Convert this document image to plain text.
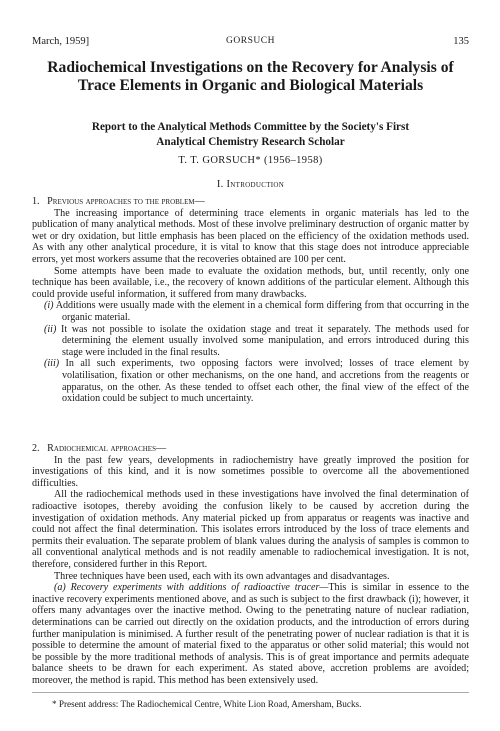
March, 1959]	GORSUCH	135
Radiochemical Investigations on the Recovery for Analysis of Trace Elements in Organic and Biological Materials
Report to the Analytical Methods Committee by the Society's First
Analytical Chemistry Research Scholar
T. T. GORSUCH* (1956–1958)
I. Introduction
1. Previous approaches to the problem—

The increasing importance of determining trace elements in organic materials has led to the publication of many analytical methods. Most of these involve preliminary destruction of organic matter by wet or dry oxidation, but little emphasis has been placed on the efficiency of the oxidation methods used. As with any other analytical procedure, it is vital to know that this stage does not introduce appreciable errors, yet most workers assume that the recoveries obtained are 100 per cent.

Some attempts have been made to evaluate the oxidation methods, but, until recently, only one technique has been available, i.e., the recovery of known additions of the particular element. Although this could provide useful information, it suffered from many drawbacks.

(i) Additions were usually made with the element in a chemical form differing from that occurring in the organic material.

(ii) It was not possible to isolate the oxidation stage and treat it separately. The methods used for determining the element usually involved some manipulation, and errors introduced during this stage were included in the final results.

(iii) In all such experiments, two opposing factors were involved; losses of trace element by volatilisation, fixation or other mechanisms, on the one hand, and accretions from the reagents or apparatus, on the other. As these tended to offset each other, the final view of the effect of the oxidation could be subject to much uncertainty.

2. Radiochemical approaches—

In the past few years, developments in radiochemistry have greatly improved the position for investigations of this kind, and it is now sometimes possible to overcome all the abovementioned difficulties.

All the radiochemical methods used in these investigations have involved the final determination of radioactive isotopes, thereby avoiding the confusion likely to be caused by accretion during the investigation of oxidation methods. Any material picked up from apparatus or reagents was inactive and could not affect the final determination. This isolates errors introduced by the loss of trace elements and permits their evaluation. The separate problem of blank values during the analysis of samples is common to all conventional analytical methods and is not readily amenable to radiochemical investigation. It is not, therefore, considered further in this Report.

Three techniques have been used, each with its own advantages and disadvantages.

(a) Recovery experiments with additions of radioactive tracer—This is similar in essence to the inactive recovery experiments mentioned above, and as such is subject to the first drawback (i); however, it offers many advantages over the inactive method. Owing to the penetrating nature of nuclear radiation, determinations can be carried out directly on the oxidation products, and the introduction of errors during further manipulation is minimised. A further result of the penetrating power of nuclear radiation is that it is possible to determine the amount of material fixed to the apparatus or other solid material; this would not be possible by the more traditional methods of analysis. This is of great importance and permits adequate balance sheets to be drawn for each experiment. As stated above, accretion problems are avoided; moreover, the method is rapid. This method has been extensively used.

* Present address: The Radiochemical Centre, White Lion Road, Amersham, Bucks.
